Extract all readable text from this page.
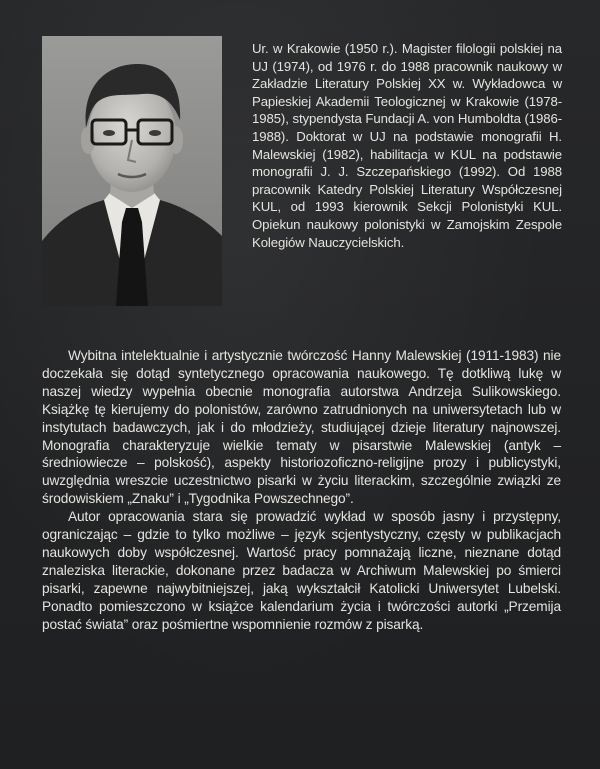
Ur. w Krakowie (1950 r.). Magister filologii polskiej na UJ (1974), od 1976 r. do 1988 pracownik naukowy w Zakładzie Literatury Polskiej XX w. Wykładowca w Papieskiej Akademii Teologicznej w Krakowie (1978-1985), stypendysta Fundacji A. von Humboldta (1986-1988). Doktorat w UJ na podstawie monografii H. Malewskiej (1982), habilitacja w KUL na podstawie monografii J. J. Szczepańskiego (1992). Od 1988 pracownik Katedry Polskiej Literatury Współczesnej KUL, od 1993 kierownik Sekcji Polonistyki KUL. Opiekun naukowy polonistyki w Zamojskim Zespole Kolegiów Nauczycielskich.

Wybitna intelektualnie i artystycznie twórczość Hanny Malewskiej (1911-1983) nie doczekała się dotąd syntetycznego opracowania naukowego. Tę dotkliwą lukę w naszej wiedzy wypełnia obecnie monografia autorstwa Andrzeja Sulikowskiego. Książkę tę kierujemy do polonistów, zarówno zatrudnionych na uniwersytetach lub w instytutach badawczych, jak i do młodzieży, studiującej dzieje literatury najnowszej. Monografia charakteryzuje wielkie tematy w pisarstwie Malewskiej (antyk – średniowiecze – polskość), aspekty historiozoficzno-religijne prozy i publicystyki, uwzględnia wreszcie uczestnictwo pisarki w życiu literackim, szczególnie związki ze środowiskiem „Znaku” i „Tygodnika Powszechnego”.

Autor opracowania stara się prowadzić wykład w sposób jasny i przystępny, ograniczając – gdzie to tylko możliwe – język scjentystyczny, częsty w publikacjach naukowych doby współczesnej. Wartość pracy pomnażają liczne, nieznane dotąd znaleziska literackie, dokonane przez badacza w Archiwum Malewskiej po śmierci pisarki, zapewne najwybitniejszej, jaką wykształcił Katolicki Uniwersytet Lubelski. Ponadto pomieszczono w książce kalendarium życia i twórczości autorki „Przemija postać świata” oraz pośmiertne wspomnienie rozmów z pisarką.
